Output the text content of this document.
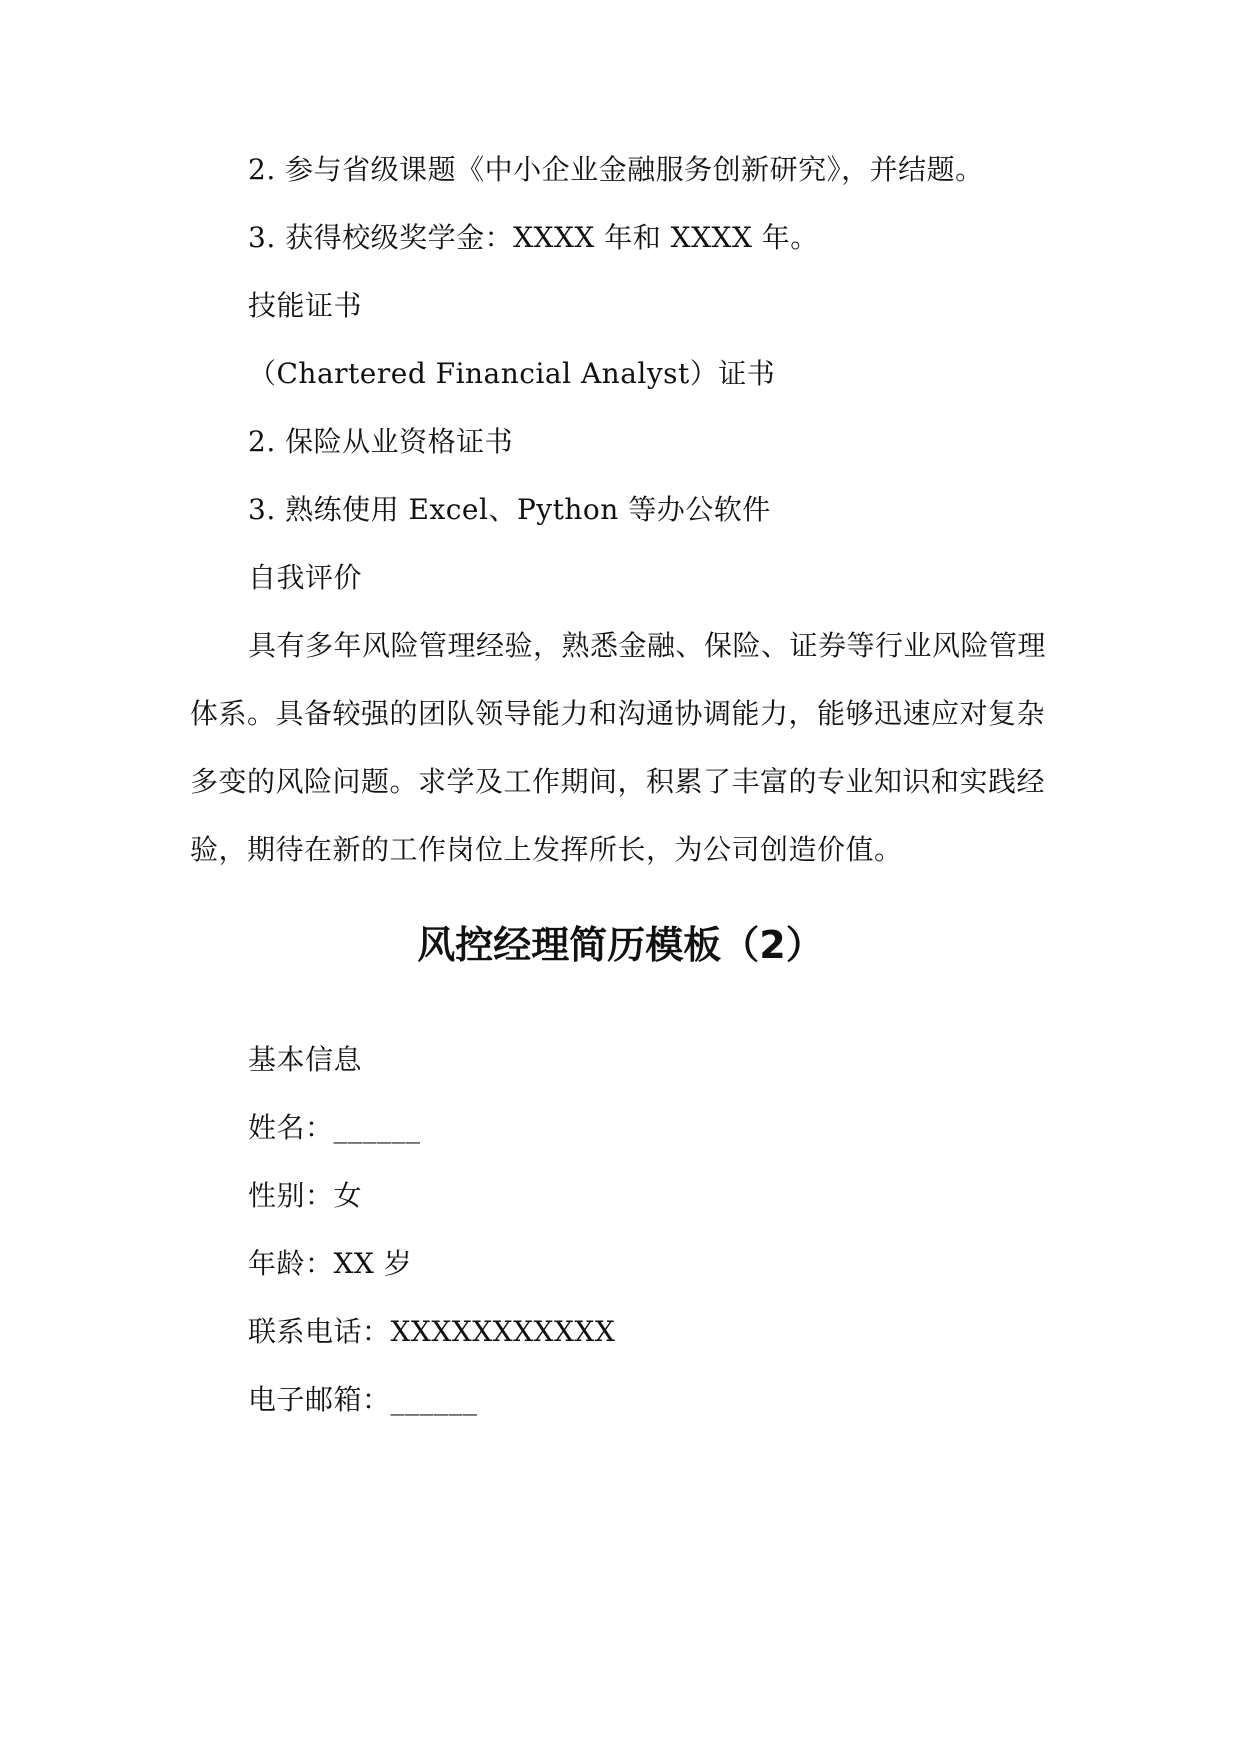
2. 参与省级课题《中小企业金融服务创新研究》，并结题。
3. 获得校级奖学金：XXXX 年和 XXXX 年。
技能证书
（Chartered Financial Analyst）证书
2. 保险从业资格证书
3. 熟练使用 Excel、Python 等办公软件
自我评价
具有多年风险管理经验，熟悉金融、保险、证券等行业风险管理
体系。具备较强的团队领导能力和沟通协调能力，能够迅速应对复杂
多变的风险问题。求学及工作期间，积累了丰富的专业知识和实践经
验，期待在新的工作岗位上发挥所长，为公司创造价值。
风控经理简历模板（2）
基本信息
姓名：______
性别：女
年龄：XX 岁
联系电话：XXXXXXXXXXX
电子邮箱：______
